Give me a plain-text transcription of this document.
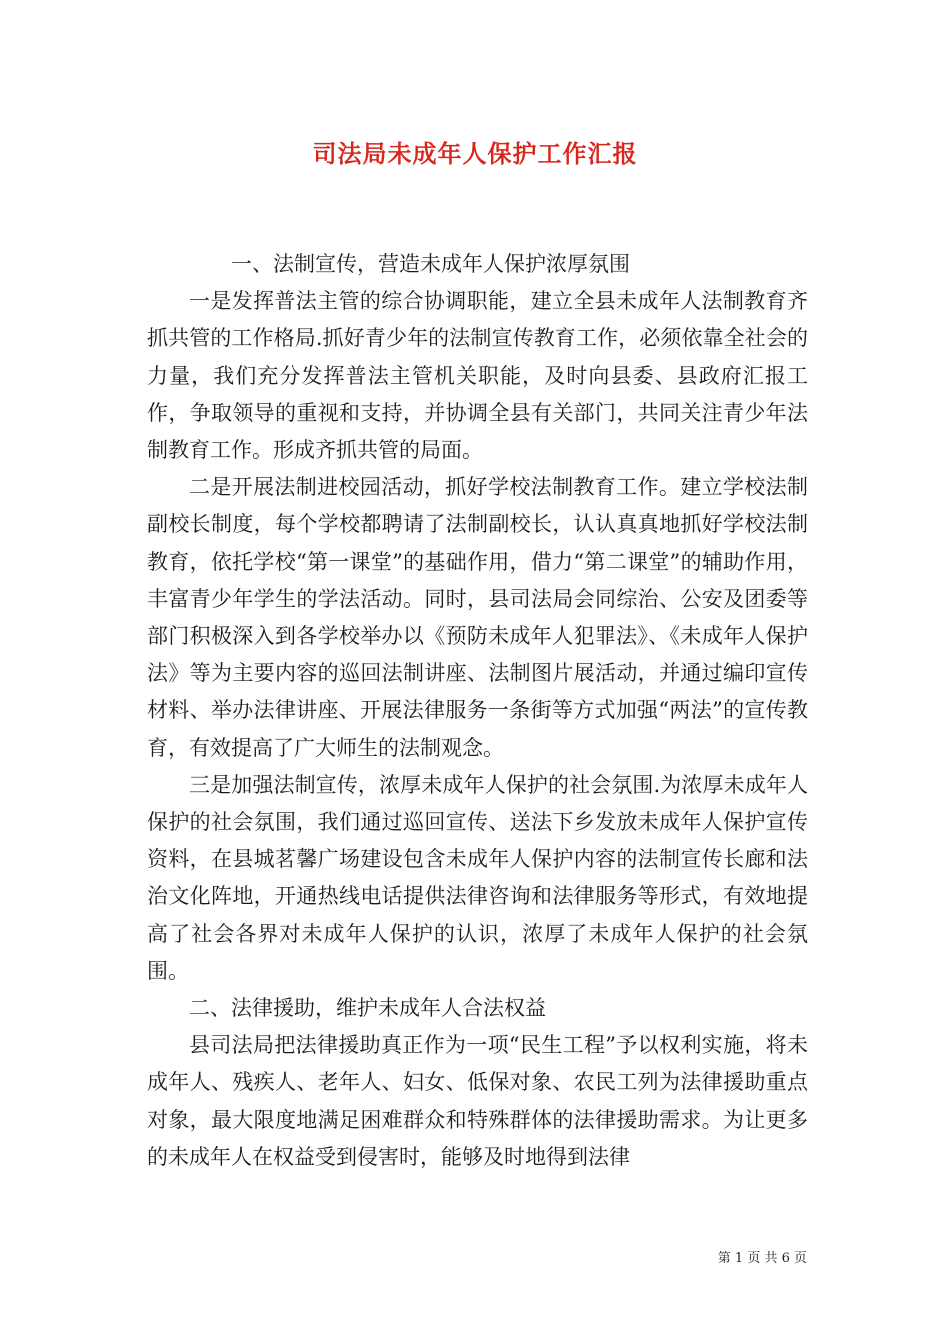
司法局未成年人保护工作汇报

一、法制宣传，营造未成年人保护浓厚氛围

一是发挥普法主管的综合协调职能，建立全县未成年人法制教育齐抓共管的工作格局.抓好青少年的法制宣传教育工作，必须依靠全社会的力量，我们充分发挥普法主管机关职能，及时向县委、县政府汇报工作，争取领导的重视和支持，并协调全县有关部门，共同关注青少年法制教育工作。形成齐抓共管的局面。

二是开展法制进校园活动，抓好学校法制教育工作。建立学校法制副校长制度，每个学校都聘请了法制副校长，认认真真地抓好学校法制教育，依托学校“第一课堂”的基础作用，借力“第二课堂”的辅助作用，丰富青少年学生的学法活动。同时，县司法局会同综治、公安及团委等部门积极深入到各学校举办以《预防未成年人犯罪法》、《未成年人保护法》等为主要内容的巡回法制讲座、法制图片展活动，并通过编印宣传材料、举办法律讲座、开展法律服务一条街等方式加强“两法”的宣传教育，有效提高了广大师生的法制观念。

三是加强法制宣传，浓厚未成年人保护的社会氛围.为浓厚未成年人保护的社会氛围，我们通过巡回宣传、送法下乡发放未成年人保护宣传资料，在县城茗馨广场建设包含未成年人保护内容的法制宣传长廊和法治文化阵地，开通热线电话提供法律咨询和法律服务等形式，有效地提高了社会各界对未成年人保护的认识，浓厚了未成年人保护的社会氛围。

二、法律援助，维护未成年人合法权益

县司法局把法律援助真正作为一项“民生工程”予以权利实施，将未成年人、残疾人、老年人、妇女、低保对象、农民工列为法律援助重点对象，最大限度地满足困难群众和特殊群体的法律援助需求。为让更多的未成年人在权益受到侵害时，能够及时地得到法律

第 1 页 共 6 页
